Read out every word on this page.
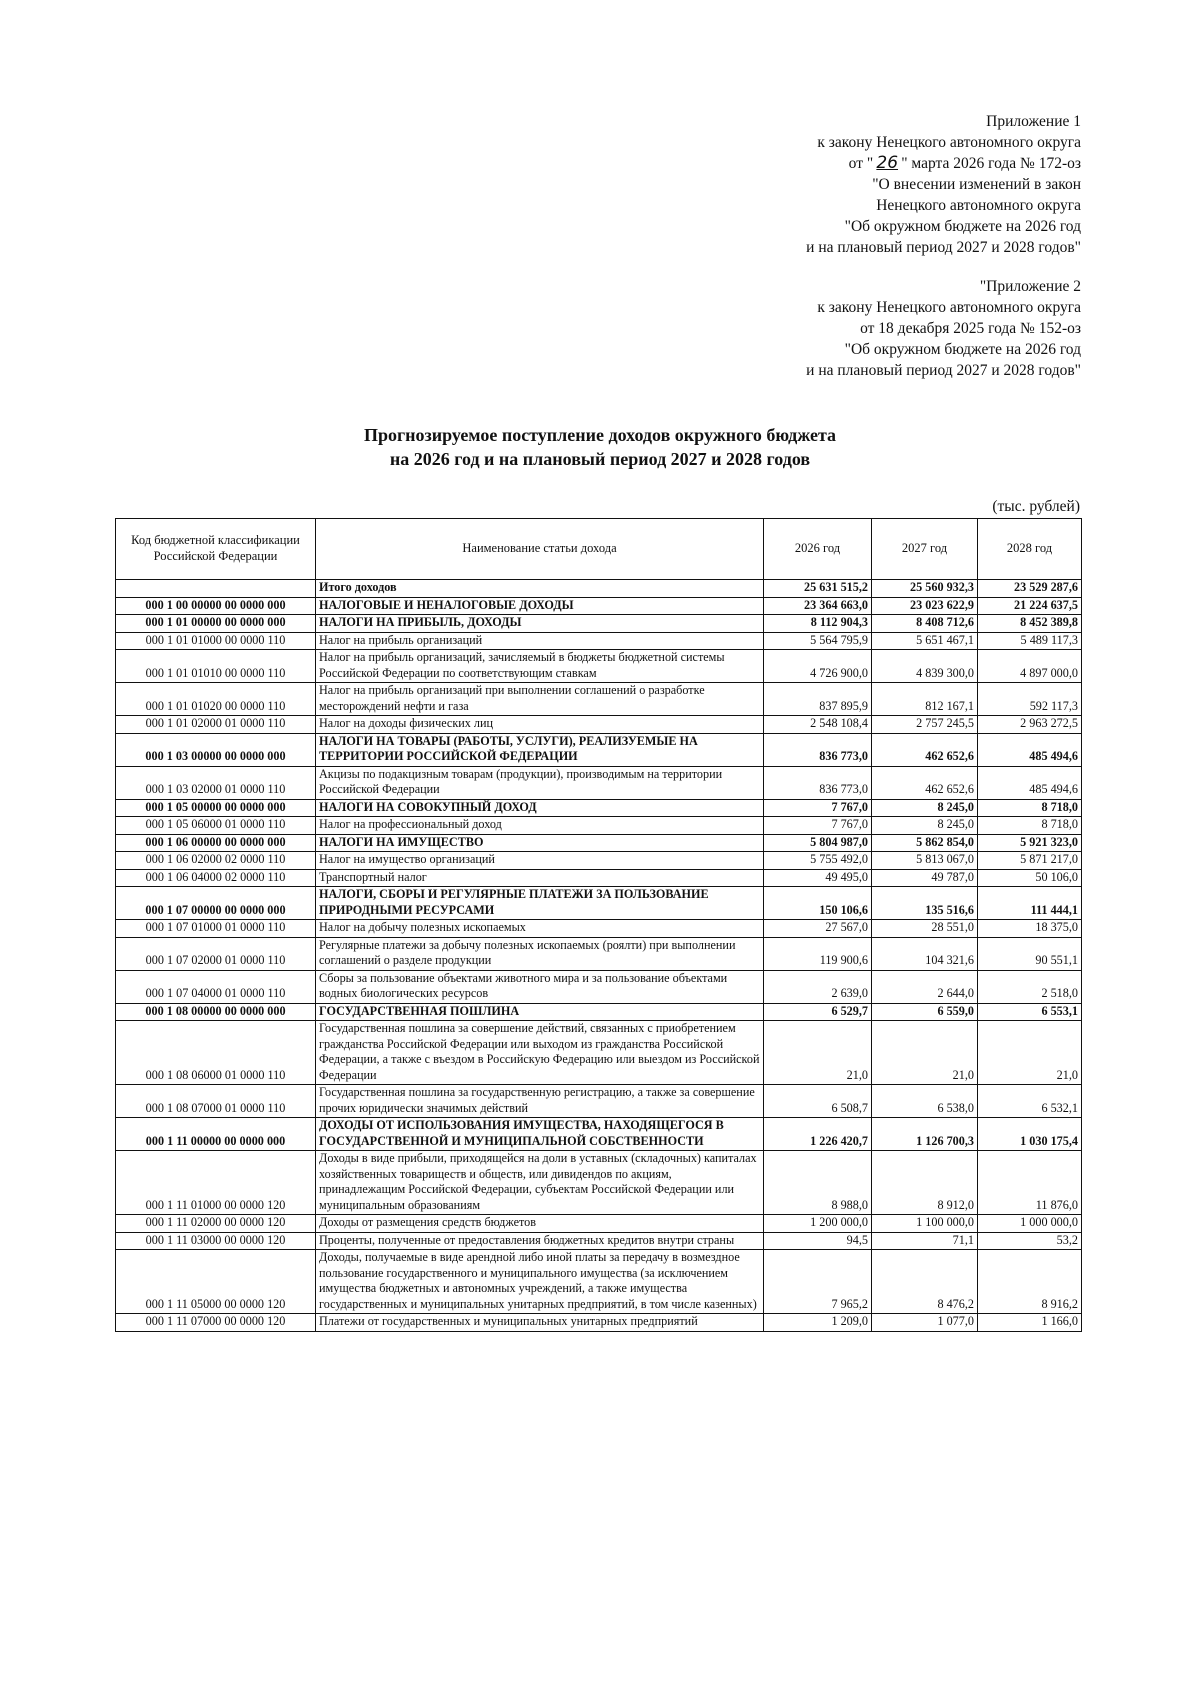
Приложение 1
к закону Ненецкого автономного округа
от " 26 " марта 2026 года № 172-оз
"О внесении изменений в закон
Ненецкого автономного округа
"Об окружном бюджете на 2026 год
и на плановый период 2027 и 2028 годов"
"Приложение 2
к закону Ненецкого автономного округа
от 18 декабря 2025 года № 152-оз
"Об окружном бюджете на 2026 год
и на плановый период 2027 и 2028 годов"
Прогнозируемое поступление доходов окружного бюджета
на 2026 год и на плановый период 2027 и 2028 годов
(тыс. рублей)
Код бюджетной классификации Российской Федерации	Наименование статьи дохода	2026 год	2027 год	2028 год
	Итого доходов	25 631 515,2	25 560 932,3	23 529 287,6
000 1 00 00000 00 0000 000	НАЛОГОВЫЕ И НЕНАЛОГОВЫЕ ДОХОДЫ	23 364 663,0	23 023 622,9	21 224 637,5
000 1 01 00000 00 0000 000	НАЛОГИ НА ПРИБЫЛЬ, ДОХОДЫ	8 112 904,3	8 408 712,6	8 452 389,8
000 1 01 01000 00 0000 110	Налог на прибыль организаций	5 564 795,9	5 651 467,1	5 489 117,3
000 1 01 01010 00 0000 110	Налог на прибыль организаций, зачисляемый в бюджеты бюджетной системы Российской Федерации по соответствующим ставкам	4 726 900,0	4 839 300,0	4 897 000,0
000 1 01 01020 00 0000 110	Налог на прибыль организаций при выполнении соглашений о разработке месторождений нефти и газа	837 895,9	812 167,1	592 117,3
000 1 01 02000 01 0000 110	Налог на доходы физических лиц	2 548 108,4	2 757 245,5	2 963 272,5
000 1 03 00000 00 0000 000	НАЛОГИ НА ТОВАРЫ (РАБОТЫ, УСЛУГИ), РЕАЛИЗУЕМЫЕ НА ТЕРРИТОРИИ РОССИЙСКОЙ ФЕДЕРАЦИИ	836 773,0	462 652,6	485 494,6
000 1 03 02000 01 0000 110	Акцизы по подакцизным товарам (продукции), производимым на территории Российской Федерации	836 773,0	462 652,6	485 494,6
000 1 05 00000 00 0000 000	НАЛОГИ НА СОВОКУПНЫЙ ДОХОД	7 767,0	8 245,0	8 718,0
000 1 05 06000 01 0000 110	Налог на профессиональный доход	7 767,0	8 245,0	8 718,0
000 1 06 00000 00 0000 000	НАЛОГИ НА ИМУЩЕСТВО	5 804 987,0	5 862 854,0	5 921 323,0
000 1 06 02000 02 0000 110	Налог на имущество организаций	5 755 492,0	5 813 067,0	5 871 217,0
000 1 06 04000 02 0000 110	Транспортный налог	49 495,0	49 787,0	50 106,0
000 1 07 00000 00 0000 000	НАЛОГИ, СБОРЫ И РЕГУЛЯРНЫЕ ПЛАТЕЖИ ЗА ПОЛЬЗОВАНИЕ ПРИРОДНЫМИ РЕСУРСАМИ	150 106,6	135 516,6	111 444,1
000 1 07 01000 01 0000 110	Налог на добычу полезных ископаемых	27 567,0	28 551,0	18 375,0
000 1 07 02000 01 0000 110	Регулярные платежи за добычу полезных ископаемых (роялти) при выполнении соглашений о разделе продукции	119 900,6	104 321,6	90 551,1
000 1 07 04000 01 0000 110	Сборы за пользование объектами животного мира и за пользование объектами водных биологических ресурсов	2 639,0	2 644,0	2 518,0
000 1 08 00000 00 0000 000	ГОСУДАРСТВЕННАЯ ПОШЛИНА	6 529,7	6 559,0	6 553,1
000 1 08 06000 01 0000 110	Государственная пошлина за совершение действий, связанных с приобретением гражданства Российской Федерации или выходом из гражданства Российской Федерации, а также с въездом в Российскую Федерацию или выездом из Российской Федерации	21,0	21,0	21,0
000 1 08 07000 01 0000 110	Государственная пошлина за государственную регистрацию, а также за совершение прочих юридически значимых действий	6 508,7	6 538,0	6 532,1
000 1 11 00000 00 0000 000	ДОХОДЫ ОТ ИСПОЛЬЗОВАНИЯ ИМУЩЕСТВА, НАХОДЯЩЕГОСЯ В ГОСУДАРСТВЕННОЙ И МУНИЦИПАЛЬНОЙ СОБСТВЕННОСТИ	1 226 420,7	1 126 700,3	1 030 175,4
000 1 11 01000 00 0000 120	Доходы в виде прибыли, приходящейся на доли в уставных (складочных) капиталах хозяйственных товариществ и обществ, или дивидендов по акциям, принадлежащим Российской Федерации, субъектам Российской Федерации или муниципальным образованиям	8 988,0	8 912,0	11 876,0
000 1 11 02000 00 0000 120	Доходы от размещения средств бюджетов	1 200 000,0	1 100 000,0	1 000 000,0
000 1 11 03000 00 0000 120	Проценты, полученные от предоставления бюджетных кредитов внутри страны	94,5	71,1	53,2
000 1 11 05000 00 0000 120	Доходы, получаемые в виде арендной либо иной платы за передачу в возмездное пользование государственного и муниципального имущества (за исключением имущества бюджетных и автономных учреждений, а также имущества государственных и муниципальных унитарных предприятий, в том числе казенных)	7 965,2	8 476,2	8 916,2
000 1 11 07000 00 0000 120	Платежи от государственных и муниципальных унитарных предприятий	1 209,0	1 077,0	1 166,0
